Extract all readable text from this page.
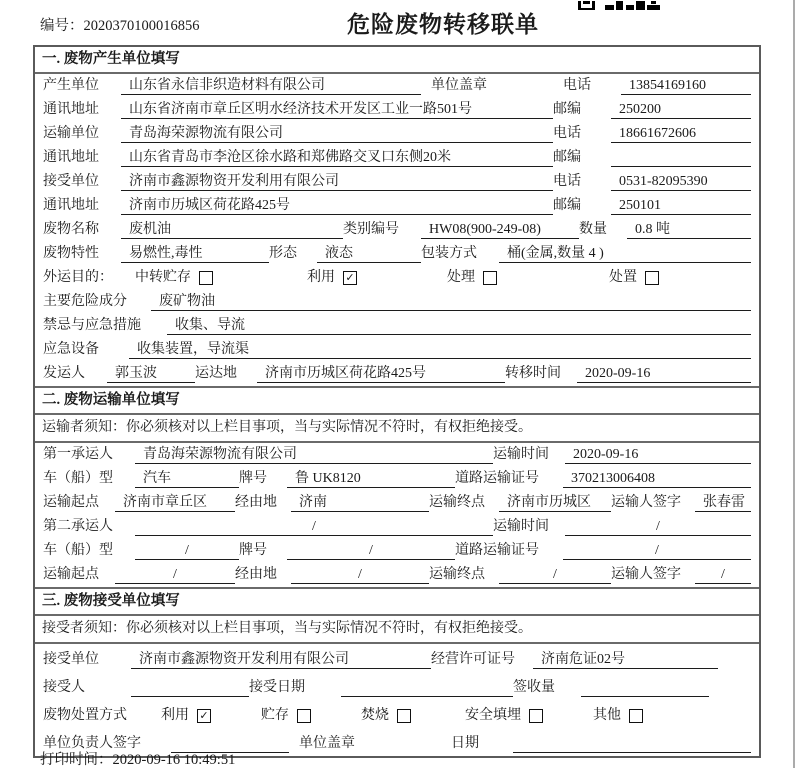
编号：2020370100016856	危险废物转移联单
一. 废物产生单位填写
产生单位	山东省永信非织造材料有限公司	单位盖章	电话	13854169160
通讯地址	山东省济南市章丘区明水经济技术开发区工业一路501号	邮编	250200
运输单位	青岛海荣源物流有限公司	电话	18661672606
通讯地址	山东省青岛市李沧区徐水路和郑佛路交叉口东侧20米	邮编
接受单位	济南市鑫源物资开发利用有限公司	电话	0531-82095390
通讯地址	济南市历城区荷花路425号	邮编	250101
废物名称	废机油	类别编号	HW08(900-249-08)	数量	0.8 吨
废物特性	易燃性,毒性	形态	液态	包装方式	桶(金属,数量 4 )
外运目的：	中转贮存	利用 ✓	处理	处置
主要危险成分	废矿物油
禁忌与应急措施	收集、导流
应急设备	收集装置，导流渠
发运人	郭玉波	运达地	济南市历城区荷花路425号	转移时间	2020-09-16
二. 废物运输单位填写
运输者须知：你必须核对以上栏目事项，当与实际情况不符时，有权拒绝接受。
第一承运人	青岛海荣源物流有限公司	运输时间	2020-09-16
车（船）型	汽车	牌号	鲁 UK8120	道路运输证号	370213006408
运输起点	济南市章丘区	经由地	济南	运输终点	济南市历城区	运输人签字	张春雷
第二承运人	/	运输时间	/
车（船）型	/	牌号	/	道路运输证号	/
运输起点	/	经由地	/	运输终点	/	运输人签字	/
三. 废物接受单位填写
接受者须知：你必须核对以上栏目事项，当与实际情况不符时，有权拒绝接受。
接受单位	济南市鑫源物资开发利用有限公司	经营许可证号	济南危证02号
接受人	接受日期	签收量
废物处置方式	利用 ✓	贮存	焚烧	安全填埋	其他
单位负责人签字	单位盖章	日期
打印时间：2020-09-16 10:49:51
